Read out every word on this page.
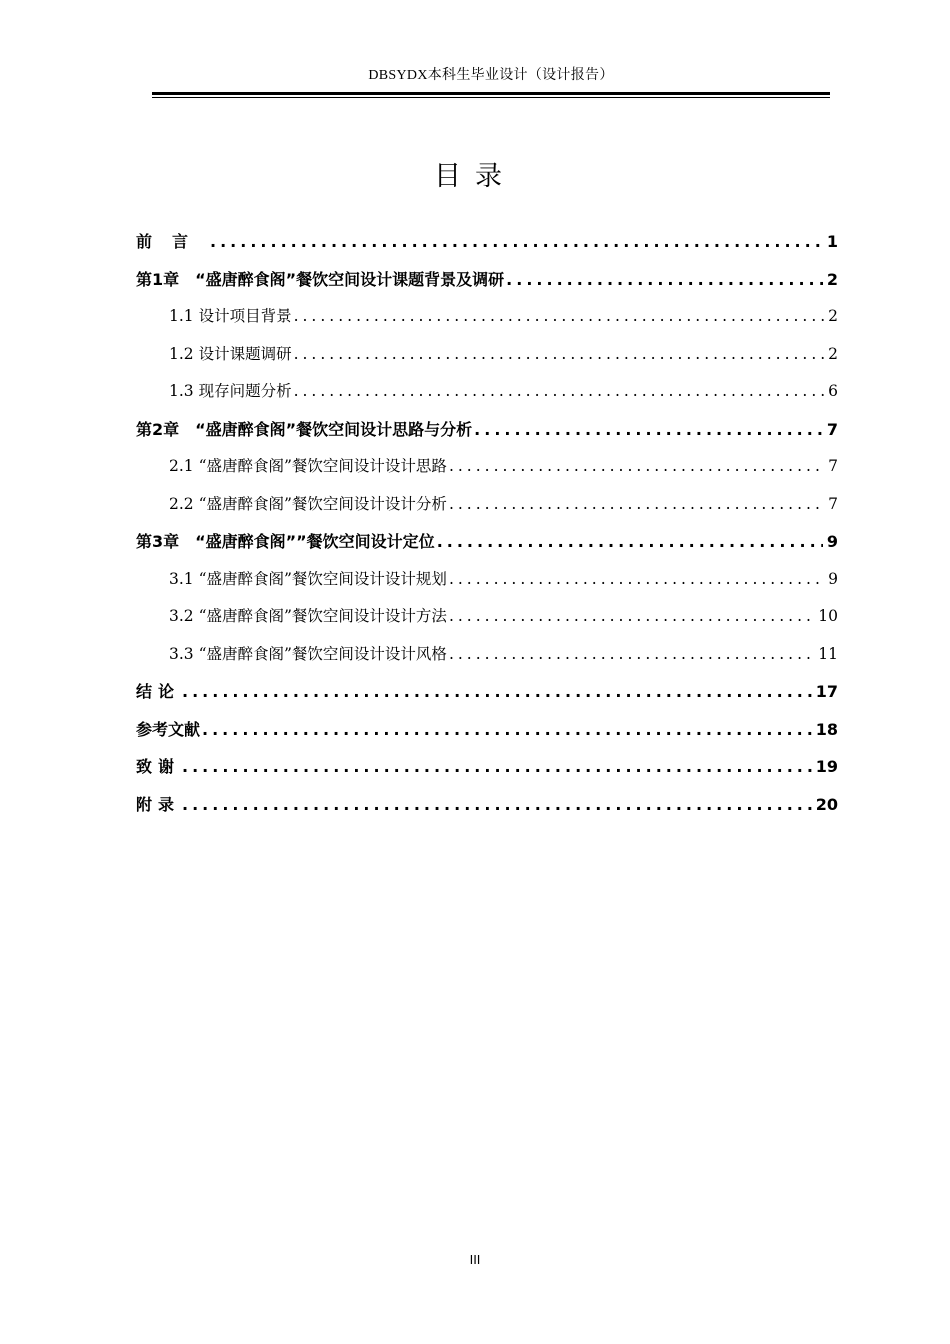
DBSYDX本科生毕业设计（设计报告）
目录
前言 .....	1
第1章　“盛唐醉食阁”餐饮空间设计课题背景及调研 .....	2
1.1 设计项目背景 .....	2
1.2 设计课题调研 .....	2
1.3 现存问题分析 .....	6
第2章　“盛唐醉食阁”餐饮空间设计思路与分析 .....	7
2.1 “盛唐醉食阁”餐饮空间设计设计思路 .....	7
2.2 “盛唐醉食阁”餐饮空间设计设计分析 .....	7
第3章　“盛唐醉食阁””餐饮空间设计定位 .....	9
3.1 “盛唐醉食阁”餐饮空间设计设计规划 .....	9
3.2 “盛唐醉食阁”餐饮空间设计设计方法 .....	10
3.3 “盛唐醉食阁”餐饮空间设计设计风格 .....	11
结论 .....	17
参考文献 .....	18
致谢 .....	19
附录 .....	20
III
